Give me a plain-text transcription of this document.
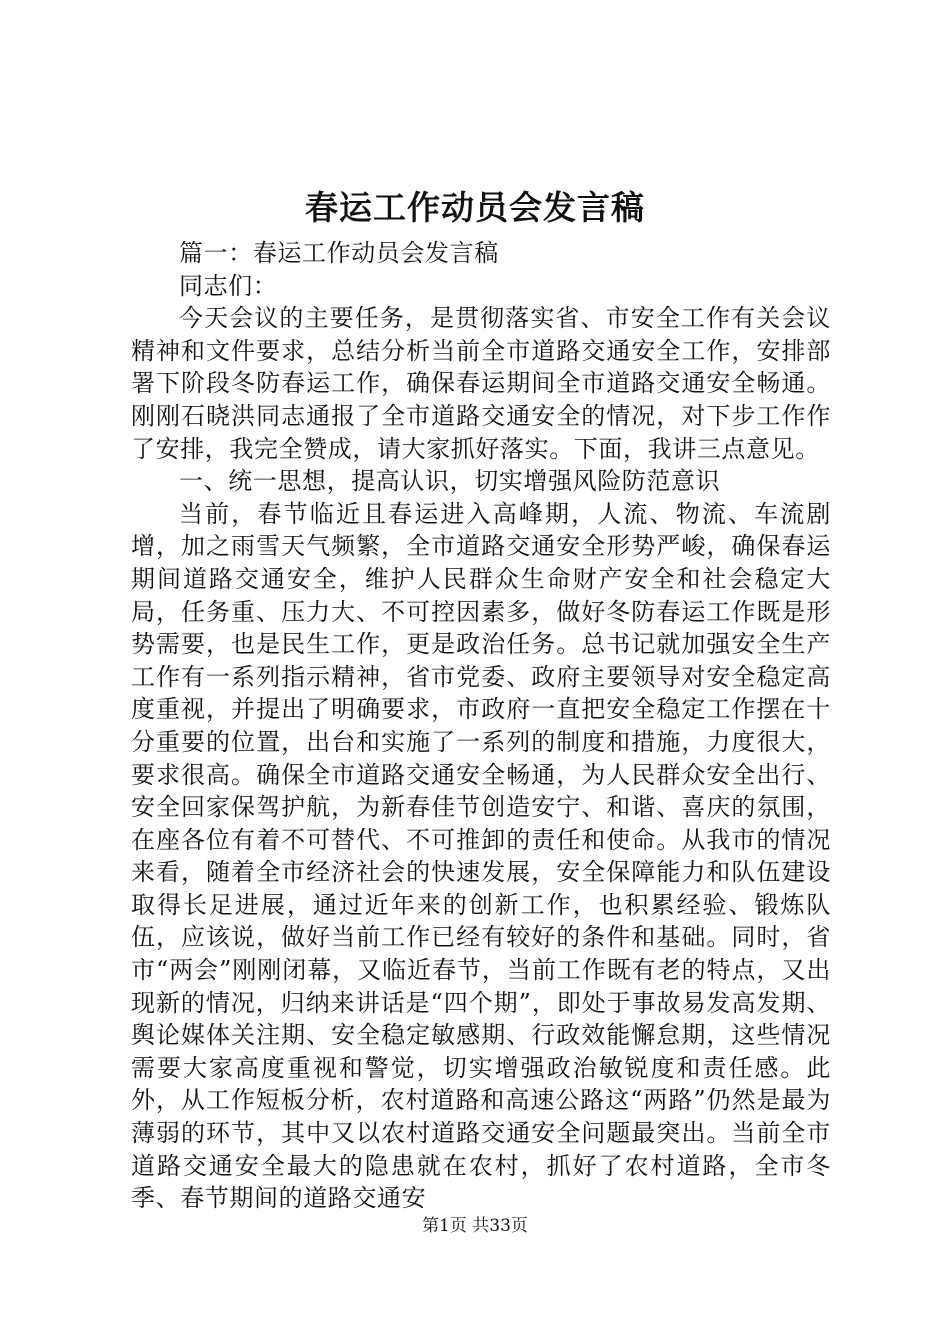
春运工作动员会发言稿

篇一：春运工作动员会发言稿

同志们：

今天会议的主要任务，是贯彻落实省、市安全工作有关会议精神和文件要求，总结分析当前全市道路交通安全工作，安排部署下阶段冬防春运工作，确保春运期间全市道路交通安全畅通。刚刚石晓洪同志通报了全市道路交通安全的情况，对下步工作作了安排，我完全赞成，请大家抓好落实。下面，我讲三点意见。

一、统一思想，提高认识，切实增强风险防范意识

当前，春节临近且春运进入高峰期，人流、物流、车流剧增，加之雨雪天气频繁，全市道路交通安全形势严峻，确保春运期间道路交通安全，维护人民群众生命财产安全和社会稳定大局，任务重、压力大、不可控因素多，做好冬防春运工作既是形势需要，也是民生工作，更是政治任务。总书记就加强安全生产工作有一系列指示精神，省市党委、政府主要领导对安全稳定高度重视，并提出了明确要求，市政府一直把安全稳定工作摆在十分重要的位置，出台和实施了一系列的制度和措施，力度很大，要求很高。确保全市道路交通安全畅通，为人民群众安全出行、安全回家保驾护航，为新春佳节创造安宁、和谐、喜庆的氛围，在座各位有着不可替代、不可推卸的责任和使命。从我市的情况来看，随着全市经济社会的快速发展，安全保障能力和队伍建设取得长足进展，通过近年来的创新工作，也积累经验、锻炼队伍，应该说，做好当前工作已经有较好的条件和基础。同时，省市“两会”刚刚闭幕，又临近春节，当前工作既有老的特点，又出现新的情况，归纳来讲话是“四个期”，即处于事故易发高发期、舆论媒体关注期、安全稳定敏感期、行政效能懈怠期，这些情况需要大家高度重视和警觉，切实增强政治敏锐度和责任感。此外，从工作短板分析，农村道路和高速公路这“两路”仍然是最为薄弱的环节，其中又以农村道路交通安全问题最突出。当前全市道路交通安全最大的隐患就在农村，抓好了农村道路，全市冬季、春节期间的道路交通安

第1页 共33页
